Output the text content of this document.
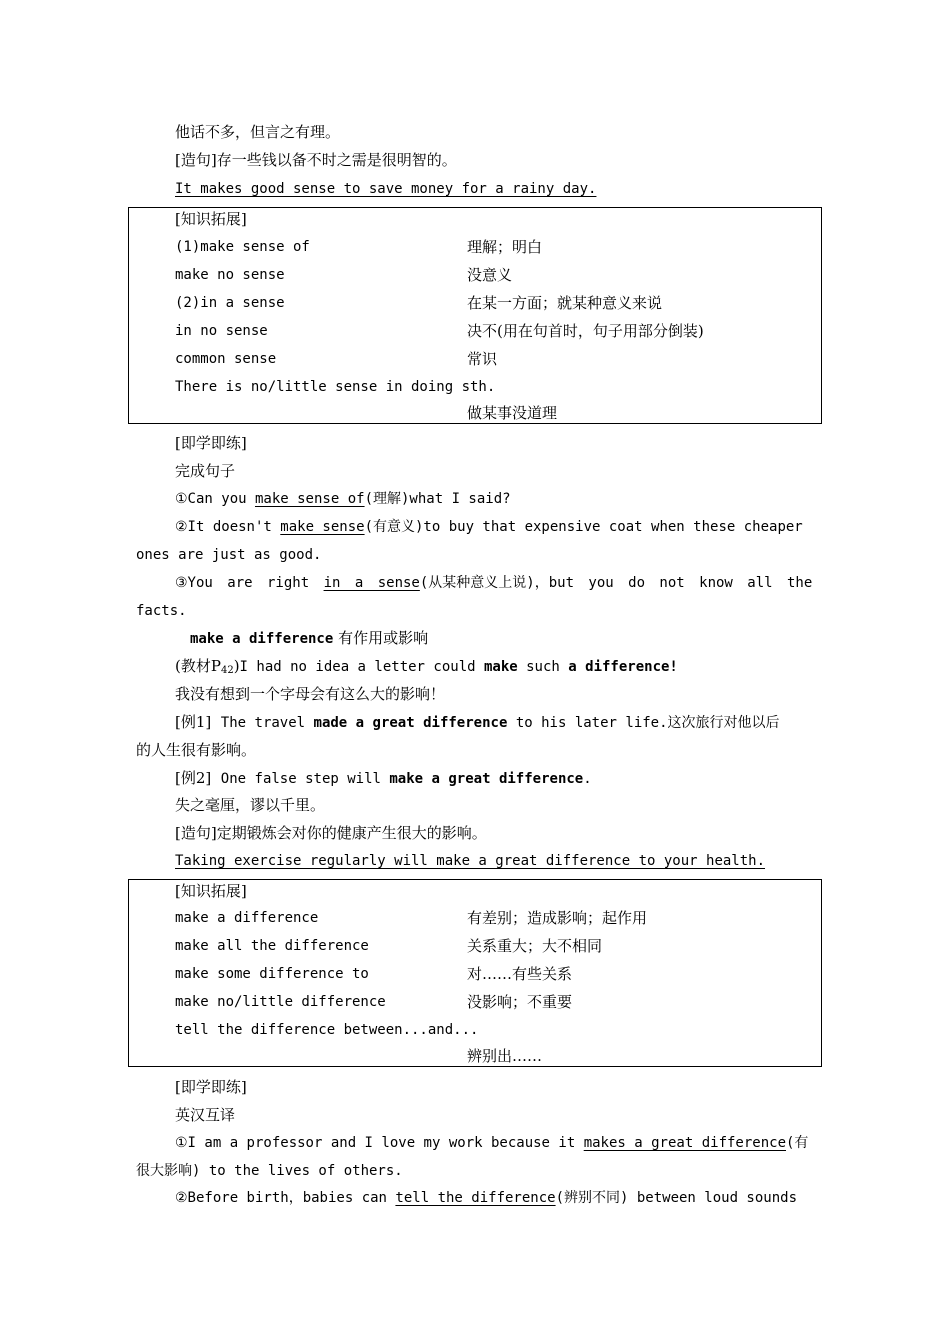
他话不多，但言之有理。
[造句]存一些钱以备不时之需是很明智的。
It makes good sense to save money for a rainy day.
[知识拓展]
(1)make sense of	理解；明白
make no sense	没意义
(2)in a sense	在某一方面；就某种意义来说
in no sense	决不(用在句首时，句子用部分倒装)
common sense	常识
There is no/little sense in doing sth.
做某事没道理
[即学即练]
完成句子
①Can you make sense of(理解)what I said?
②It doesn't make sense(有意义)to buy that expensive coat when these cheaper
ones are just as good.
③You are right in a sense(从某种意义上说)，but you do not know all the
facts.
make a difference 有作用或影响
(教材$P_{42})I$ had no idea a letter could make such a difference!
我没有想到一个字母会有这么大的影响！
[例1] The travel made a great difference to his later life.这次旅行对他以后
的人生很有影响。
[例2] One false step will make a great difference.
失之毫厘，谬以千里。
[造句]定期锻炼会对你的健康产生很大的影响。
Taking exercise regularly will make a great difference to your health.
[知识拓展]
make a difference	有差别；造成影响；起作用
make all the difference	关系重大；大不相同
make some difference to	对……有些关系
make no/little difference	没影响；不重要
tell the difference between...and...
辨别出……
[即学即练]
英汉互译
①I am a professor and I love my work because it makes a great difference(有
很大影响) to the lives of others.
②Before birth，babies can tell the difference(辨别不同) between loud sounds
